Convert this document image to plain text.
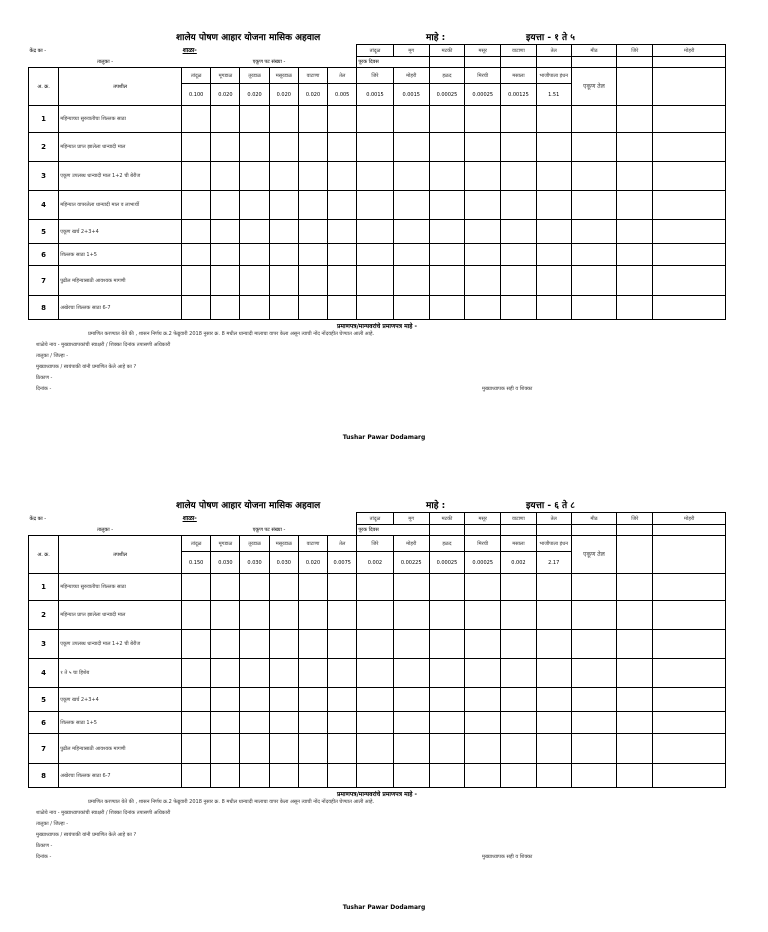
शालेय पोषण आहार योजना मासिक अहवाल	माहे :	इयत्ता - १ ते ५
केंद्र का -		शाळा-						तांदूळ	मूग	मटकी	मसूर	वाटाणा	तेल	मीठ	जिरे	मोहरी
तालुका -		एकूण पट संख्या -						पूरक दिवस								
अ. क्र.	तपशील	तांदूळ	मूगडाळ	तूरडाळ	मसूरडाळ	वाटाणा	तेल	जिरे	मोहरी	हळद	मिरची	मसाला	भाजीपाला इंधन	एकूण तेल		
		0.100	0.020	0.020	0.020	0.020	0.005	0.0015	0.0015	0.00025	0.00025	0.00125	1.51			
1	महिन्याच्या सुरुवातीचा शिल्लक साठा															
2	महिन्यात प्राप्त झालेला धान्यादी माल															
3	एकूण उपलब्ध धान्यादी माल 1+2 ची बेरीज															
4	महिन्यात वापरलेला धान्यादी माल व लाभार्थी															
5	एकूण खर्च 2+3+4															
6	शिल्लक साठा 1+5															
7	पुढील महिन्यासाठी आवश्यक मागणी															
8	अखेरचा शिल्लक साठा 6-7															
प्रमाणपत्र/मान्यवरांचे प्रमाणपत्र माहे -
प्रमाणित करण्यात येते की , शासन निर्णय क्र.2 फेब्रुवारी 2018 नुसार क्र. 8 मधील धान्यादी मालाचा वापर केला असून त्याची नोंद नोंदवहीत घेण्यात आली आहे.
शाळेचे नाव - मुख्याध्यापकांची स्वाक्षरी / शिक्का दिनांक तपासणी अधिकारी
तालुका / जिल्हा -
मुख्याध्यापक / स्वयंपाकी यांनी प्रमाणित केले आहे का ?
ठिकाण -
दिनांक -	मुख्याध्यापक सही व शिक्का
शालेय पोषण आहार योजना मासिक अहवाल	माहे :	इयत्ता - ६ ते ८
केंद्र का -		शाळा-						तांदूळ	मूग	मटकी	मसूर	वाटाणा	तेल	मीठ	जिरे	मोहरी
तालुका -		एकूण पट संख्या -						पूरक दिवस								
अ. क्र.	तपशील	तांदूळ	मूगडाळ	तूरडाळ	मसूरडाळ	वाटाणा	तेल	जिरे	मोहरी	हळद	मिरची	मसाला	भाजीपाला इंधन	एकूण तेल		
		0.150	0.030	0.030	0.030	0.020	0.0075	0.002	0.00225	0.00025	0.00025	0.002	2.17			
1	महिन्याच्या सुरुवातीचा शिल्लक साठा															
2	महिन्यात प्राप्त झालेला धान्यादी माल															
3	एकूण उपलब्ध धान्यादी माल 1+2 ची बेरीज															
4	१ ते ५ चा हिशेब															
5	एकूण खर्च 2+3+4															
6	शिल्लक साठा 1+5															
7	पुढील महिन्यासाठी आवश्यक मागणी															
8	अखेरचा शिल्लक साठा 6-7															
प्रमाणपत्र/मान्यवरांचे प्रमाणपत्र माहे -
प्रमाणित करण्यात येते की , शासन निर्णय क्र.2 फेब्रुवारी 2018 नुसार क्र. 8 मधील धान्यादी मालाचा वापर केला असून त्याची नोंद नोंदवहीत घेण्यात आली आहे.
शाळेचे नाव - मुख्याध्यापकांची स्वाक्षरी / शिक्का दिनांक तपासणी अधिकारी
तालुका / जिल्हा -
मुख्याध्यापक / स्वयंपाकी यांनी प्रमाणित केले आहे का ?
ठिकाण -
दिनांक -	मुख्याध्यापक सही व शिक्का
Tushar Pawar Dodamarg
Tushar Pawar Dodamarg
